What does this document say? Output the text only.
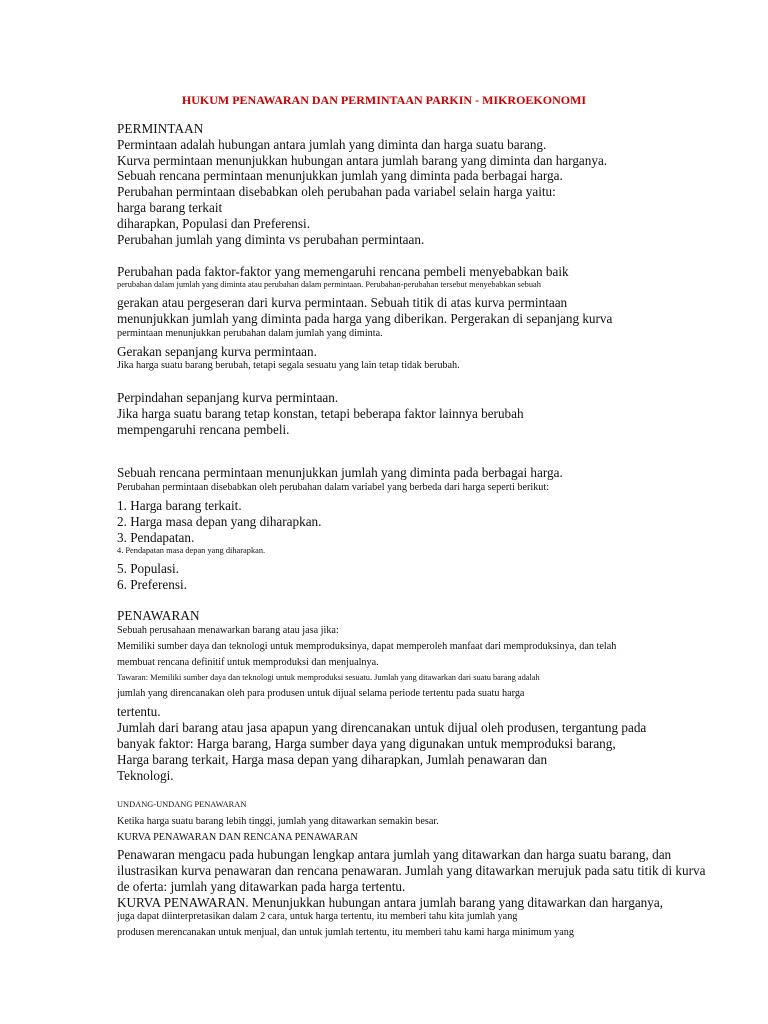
HUKUM PENAWARAN DAN PERMINTAAN PARKIN - MIKROEKONOMI
PERMINTAAN
Permintaan adalah hubungan antara jumlah yang diminta dan harga suatu barang.
Kurva permintaan menunjukkan hubungan antara jumlah barang yang diminta dan harganya.
Sebuah rencana permintaan menunjukkan jumlah yang diminta pada berbagai harga.
Perubahan permintaan disebabkan oleh perubahan pada variabel selain harga yaitu:
harga barang terkait
diharapkan, Populasi dan Preferensi.
Perubahan jumlah yang diminta vs perubahan permintaan.
Perubahan pada faktor-faktor yang memengaruhi rencana pembeli menyebabkan baik
perubahan dalam jumlah yang diminta atau perubahan dalam permintaan. Perubahan-perubahan tersebut menyebabkan sebuah
gerakan atau pergeseran dari kurva permintaan. Sebuah titik di atas kurva permintaan
menunjukkan jumlah yang diminta pada harga yang diberikan. Pergerakan di sepanjang kurva
permintaan menunjukkan perubahan dalam jumlah yang diminta.
Gerakan sepanjang kurva permintaan.
Jika harga suatu barang berubah, tetapi segala sesuatu yang lain tetap tidak berubah.
Perpindahan sepanjang kurva permintaan.
Jika harga suatu barang tetap konstan, tetapi beberapa faktor lainnya berubah
mempengaruhi rencana pembeli.
Sebuah rencana permintaan menunjukkan jumlah yang diminta pada berbagai harga.
Perubahan permintaan disebabkan oleh perubahan dalam variabel yang berbeda dari harga seperti berikut:
1. Harga barang terkait.
2. Harga masa depan yang diharapkan.
3. Pendapatan.
4. Pendapatan masa depan yang diharapkan.
5. Populasi.
6. Preferensi.
PENAWARAN
Sebuah perusahaan menawarkan barang atau jasa jika:
Memiliki sumber daya dan teknologi untuk memproduksinya, dapat memperoleh manfaat dari memproduksinya, dan telah
membuat rencana definitif untuk memproduksi dan menjualnya.
Tawaran: Memiliki sumber daya dan teknologi untuk memproduksi sesuatu. Jumlah yang ditawarkan dari suatu barang adalah
jumlah yang direncanakan oleh para produsen untuk dijual selama periode tertentu pada suatu harga
tertentu.
Jumlah dari barang atau jasa apapun yang direncanakan untuk dijual oleh produsen, tergantung pada
banyak faktor: Harga barang, Harga sumber daya yang digunakan untuk memproduksi barang,
Harga barang terkait, Harga masa depan yang diharapkan, Jumlah penawaran dan
Teknologi.
UNDANG-UNDANG PENAWARAN
Ketika harga suatu barang lebih tinggi, jumlah yang ditawarkan semakin besar.
KURVA PENAWARAN DAN RENCANA PENAWARAN
Penawaran mengacu pada hubungan lengkap antara jumlah yang ditawarkan dan harga suatu barang, dan
ilustrasikan kurva penawaran dan rencana penawaran. Jumlah yang ditawarkan merujuk pada satu titik di kurva
de oferta: jumlah yang ditawarkan pada harga tertentu.
KURVA PENAWARAN. Menunjukkan hubungan antara jumlah barang yang ditawarkan dan harganya,
juga dapat diinterpretasikan dalam 2 cara, untuk harga tertentu, itu memberi tahu kita jumlah yang
produsen merencanakan untuk menjual, dan untuk jumlah tertentu, itu memberi tahu kami harga minimum yang
